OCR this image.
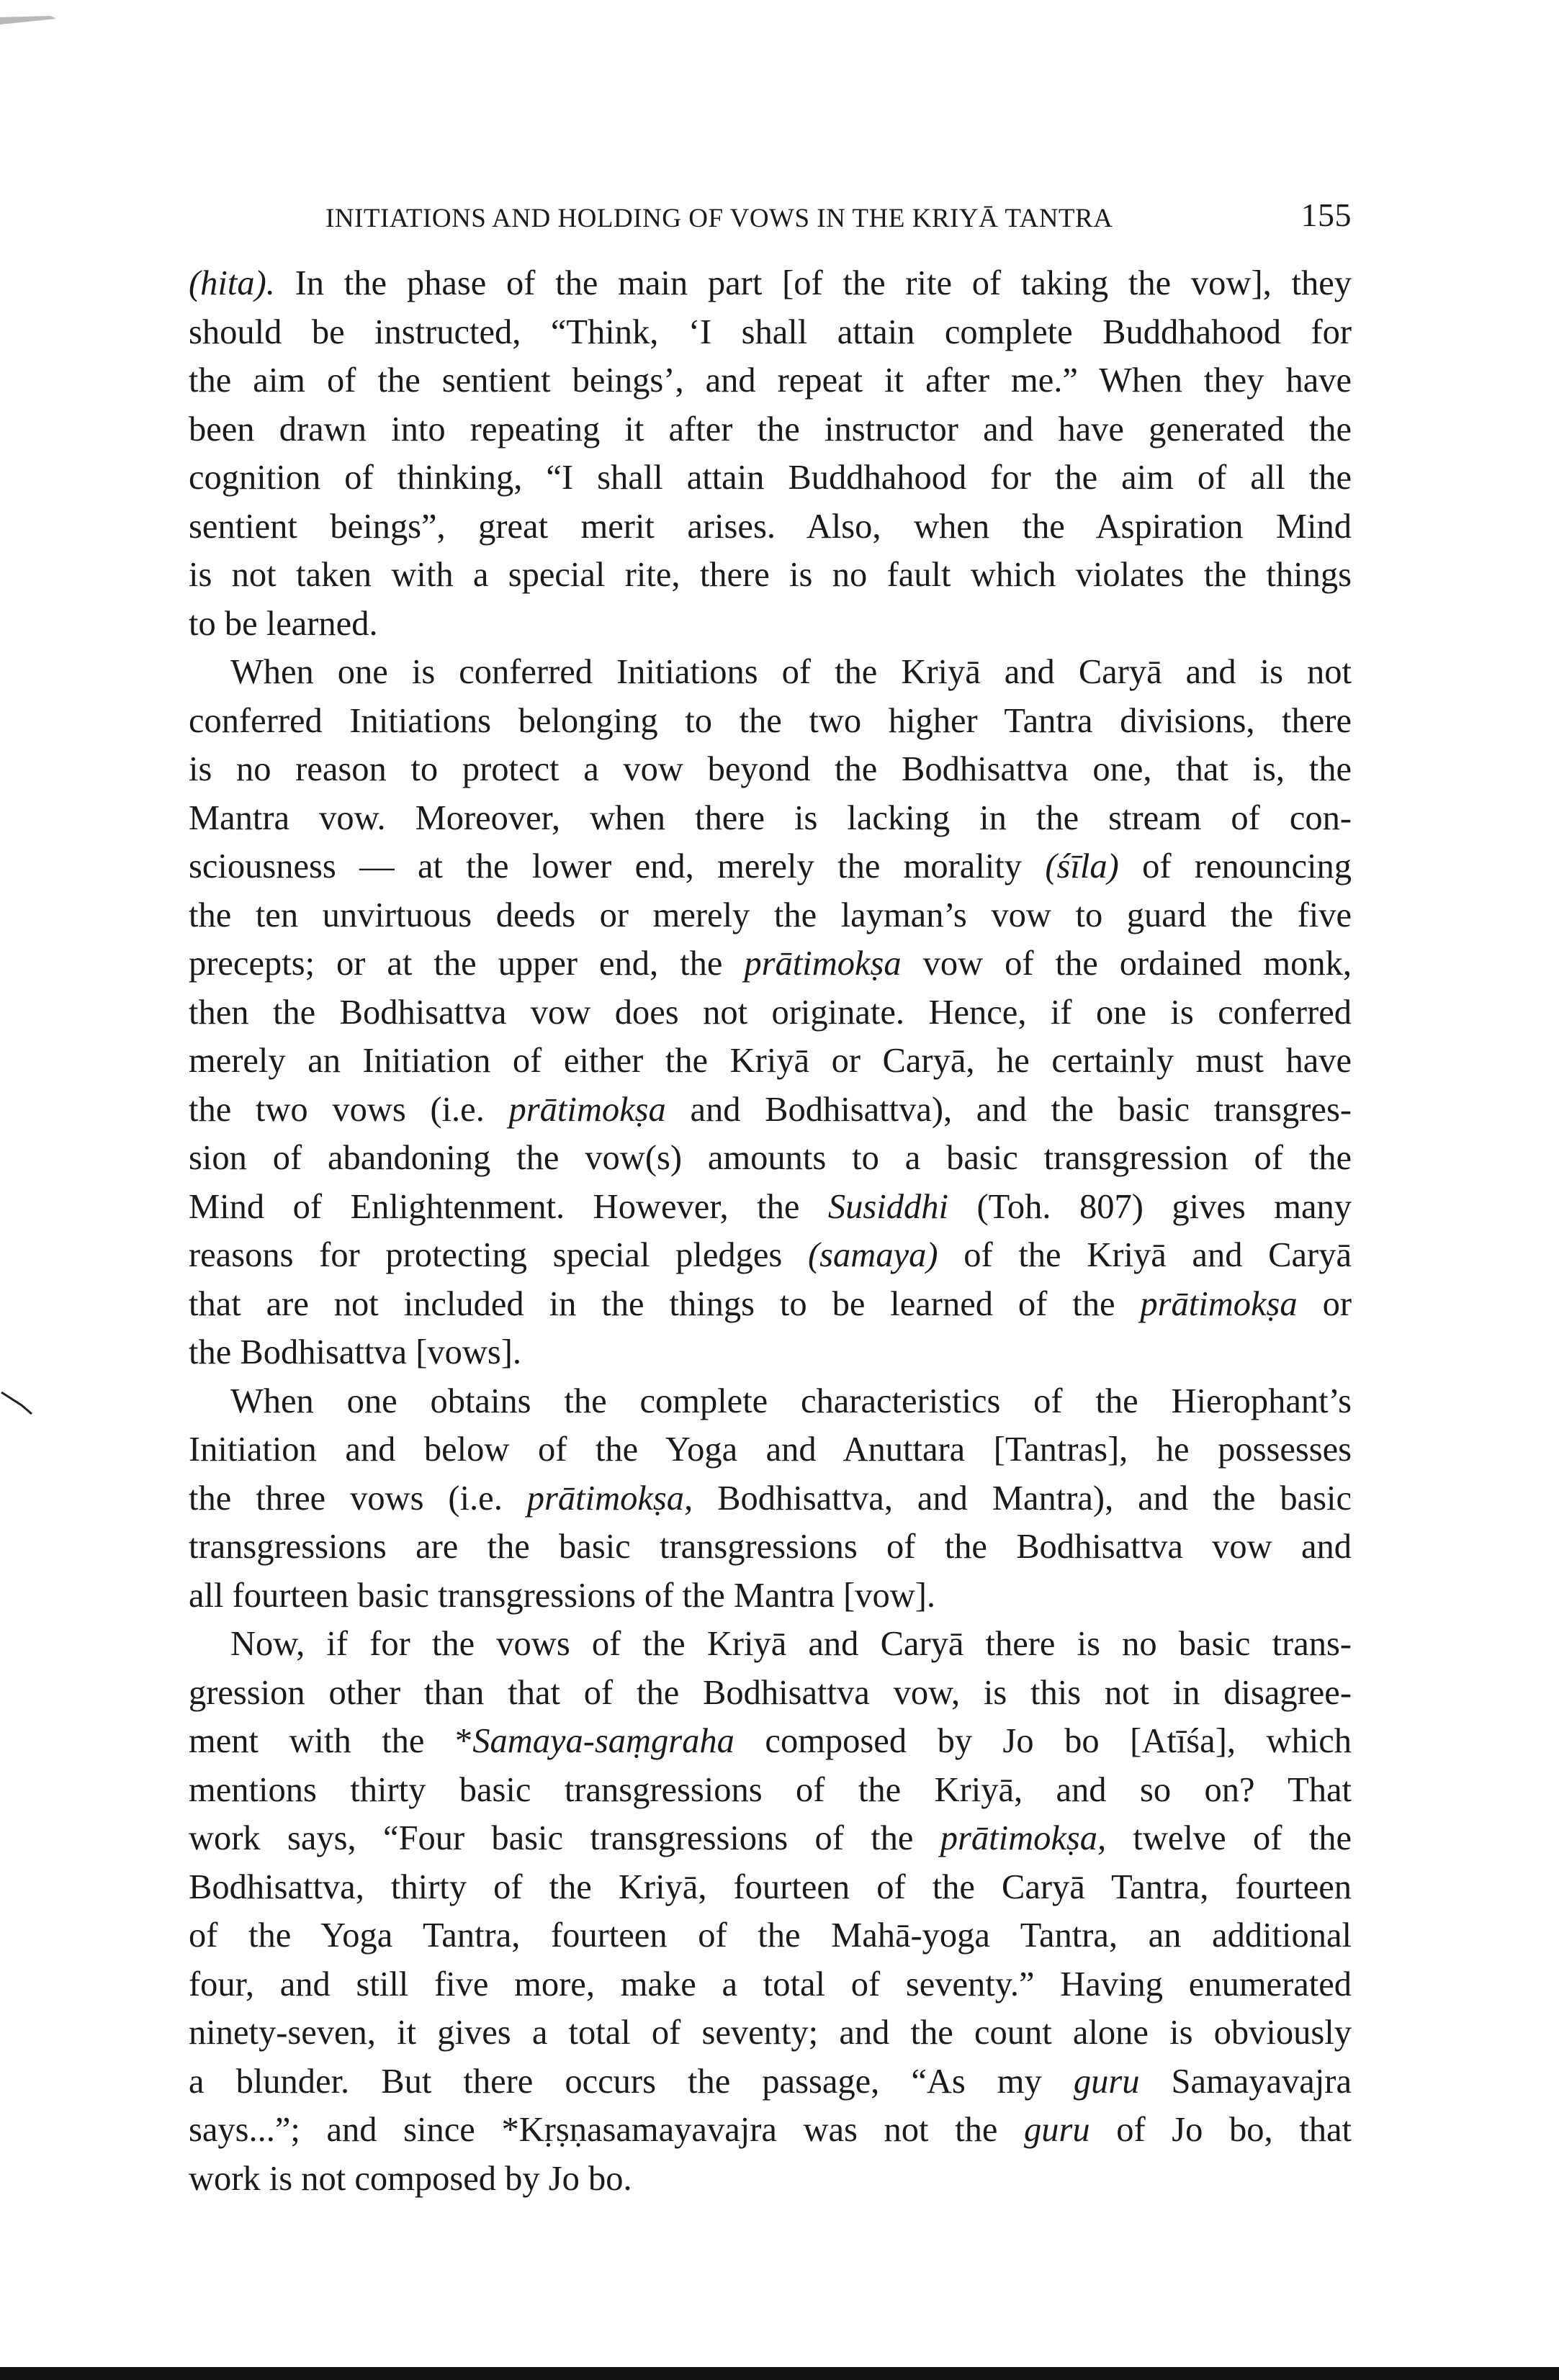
INITIATIONS AND HOLDING OF VOWS IN THE KRIYĀ TANTRA	155
(hita). In the phase of the main part [of the rite of taking the vow], they
should be instructed, “Think, ‘I shall attain complete Buddhahood for
the aim of the sentient beings’, and repeat it after me.” When they have
been drawn into repeating it after the instructor and have generated the
cognition of thinking, “I shall attain Buddhahood for the aim of all the
sentient beings”, great merit arises. Also, when the Aspiration Mind
is not taken with a special rite, there is no fault which violates the things
to be learned.
When one is conferred Initiations of the Kriyā and Caryā and is not
conferred Initiations belonging to the two higher Tantra divisions, there
is no reason to protect a vow beyond the Bodhisattva one, that is, the
Mantra vow. Moreover, when there is lacking in the stream of con-
sciousness — at the lower end, merely the morality (śīla) of renouncing
the ten unvirtuous deeds or merely the layman’s vow to guard the five
precepts; or at the upper end, the prātimokṣa vow of the ordained monk,
then the Bodhisattva vow does not originate. Hence, if one is conferred
merely an Initiation of either the Kriyā or Caryā, he certainly must have
the two vows (i.e. prātimokṣa and Bodhisattva), and the basic transgres-
sion of abandoning the vow(s) amounts to a basic transgression of the
Mind of Enlightenment. However, the Susiddhi (Toh. 807) gives many
reasons for protecting special pledges (samaya) of the Kriyā and Caryā
that are not included in the things to be learned of the prātimokṣa or
the Bodhisattva [vows].
When one obtains the complete characteristics of the Hierophant’s
Initiation and below of the Yoga and Anuttara [Tantras], he possesses
the three vows (i.e. prātimokṣa, Bodhisattva, and Mantra), and the basic
transgressions are the basic transgressions of the Bodhisattva vow and
all fourteen basic transgressions of the Mantra [vow].
Now, if for the vows of the Kriyā and Caryā there is no basic trans-
gression other than that of the Bodhisattva vow, is this not in disagree-
ment with the *Samaya-saṃgraha composed by Jo bo [Atīśa], which
mentions thirty basic transgressions of the Kriyā, and so on? That
work says, “Four basic transgressions of the prātimokṣa, twelve of the
Bodhisattva, thirty of the Kriyā, fourteen of the Caryā Tantra, fourteen
of the Yoga Tantra, fourteen of the Mahā-yoga Tantra, an additional
four, and still five more, make a total of seventy.” Having enumerated
ninety-seven, it gives a total of seventy; and the count alone is obviously
a blunder. But there occurs the passage, “As my guru Samayavajra
says...”; and since *Kṛṣṇasamayavajra was not the guru of Jo bo, that
work is not composed by Jo bo.
